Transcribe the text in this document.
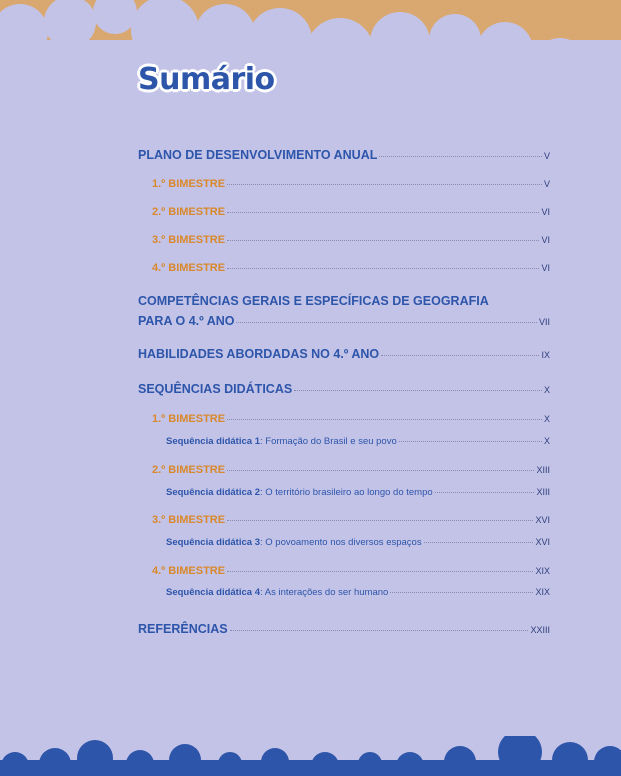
Sumário
PLANO DE DESENVOLVIMENTO ANUAL	V
1.º BIMESTRE	V
2.º BIMESTRE	VI
3.º BIMESTRE	VI
4.º BIMESTRE	VI
COMPETÊNCIAS GERAIS E ESPECÍFICAS DE GEOGRAFIA
PARA O 4.º ANO	VII
HABILIDADES ABORDADAS NO 4.º ANO	IX
SEQUÊNCIAS DIDÁTICAS	X
1.º BIMESTRE	X
Sequência didática 1: Formação do Brasil e seu povo	X
2.º BIMESTRE	XIII
Sequência didática 2: O território brasileiro ao longo do tempo	XIII
3.º BIMESTRE	XVI
Sequência didática 3: O povoamento nos diversos espaços	XVI
4.º BIMESTRE	XIX
Sequência didática 4: As interações do ser humano	XIX
REFERÊNCIAS	XXIII
